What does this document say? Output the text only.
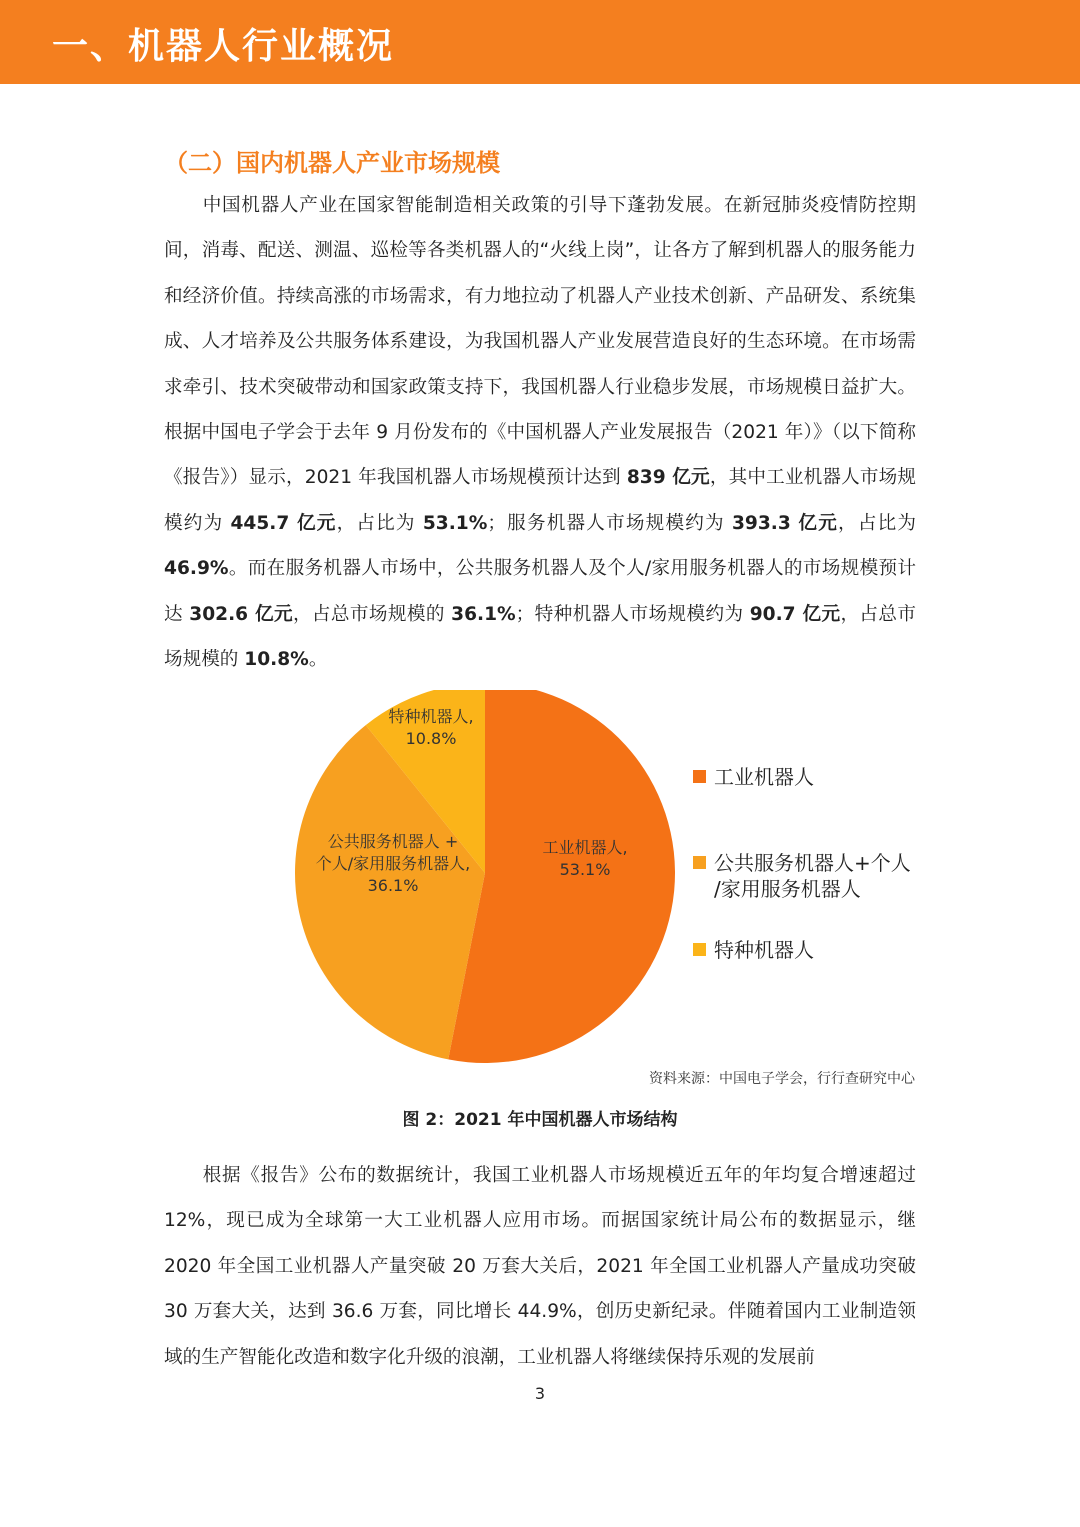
一、机器人行业概况
（二）国内机器人产业市场规模

中国机器人产业在国家智能制造相关政策的引导下蓬勃发展。在新冠肺炎疫情防控期间，消毒、配送、测温、巡检等各类机器人的“火线上岗”，让各方了解到机器人的服务能力和经济价值。持续高涨的市场需求，有力地拉动了机器人产业技术创新、产品研发、系统集成、人才培养及公共服务体系建设，为我国机器人产业发展营造良好的生态环境。在市场需求牵引、技术突破带动和国家政策支持下，我国机器人行业稳步发展，市场规模日益扩大。根据中国电子学会于去年 9 月份发布的《中国机器人产业发展报告（2021 年）》（以下简称《报告》）显示，2021 年我国机器人市场规模预计达到 839 亿元，其中工业机器人市场规模约为 445.7 亿元，占比为 53.1%；服务机器人市场规模约为 393.3 亿元，占比为 46.9%。而在服务机器人市场中，公共服务机器人及个人/家用服务机器人的市场规模预计达 302.6 亿元，占总市场规模的 36.1%；特种机器人市场规模约为 90.7 亿元，占总市场规模的 10.8%。

工业机器人, 53.1%
公共服务机器人 +个人/家用服务机器人, 36.1%
特种机器人, 10.8%
工业机器人
公共服务机器人+个人/家用服务机器人
特种机器人
资料来源：中国电子学会，行行查研究中心
图 2：2021 年中国机器人市场结构

根据《报告》公布的数据统计，我国工业机器人市场规模近五年的年均复合增速超过 12%，现已成为全球第一大工业机器人应用市场。而据国家统计局公布的数据显示，继 2020 年全国工业机器人产量突破 20 万套大关后，2021 年全国工业机器人产量成功突破 30 万套大关，达到 36.6 万套，同比增长 44.9%，创历史新纪录。伴随着国内工业制造领域的生产智能化改造和数字化升级的浪潮，工业机器人将继续保持乐观的发展前

3
